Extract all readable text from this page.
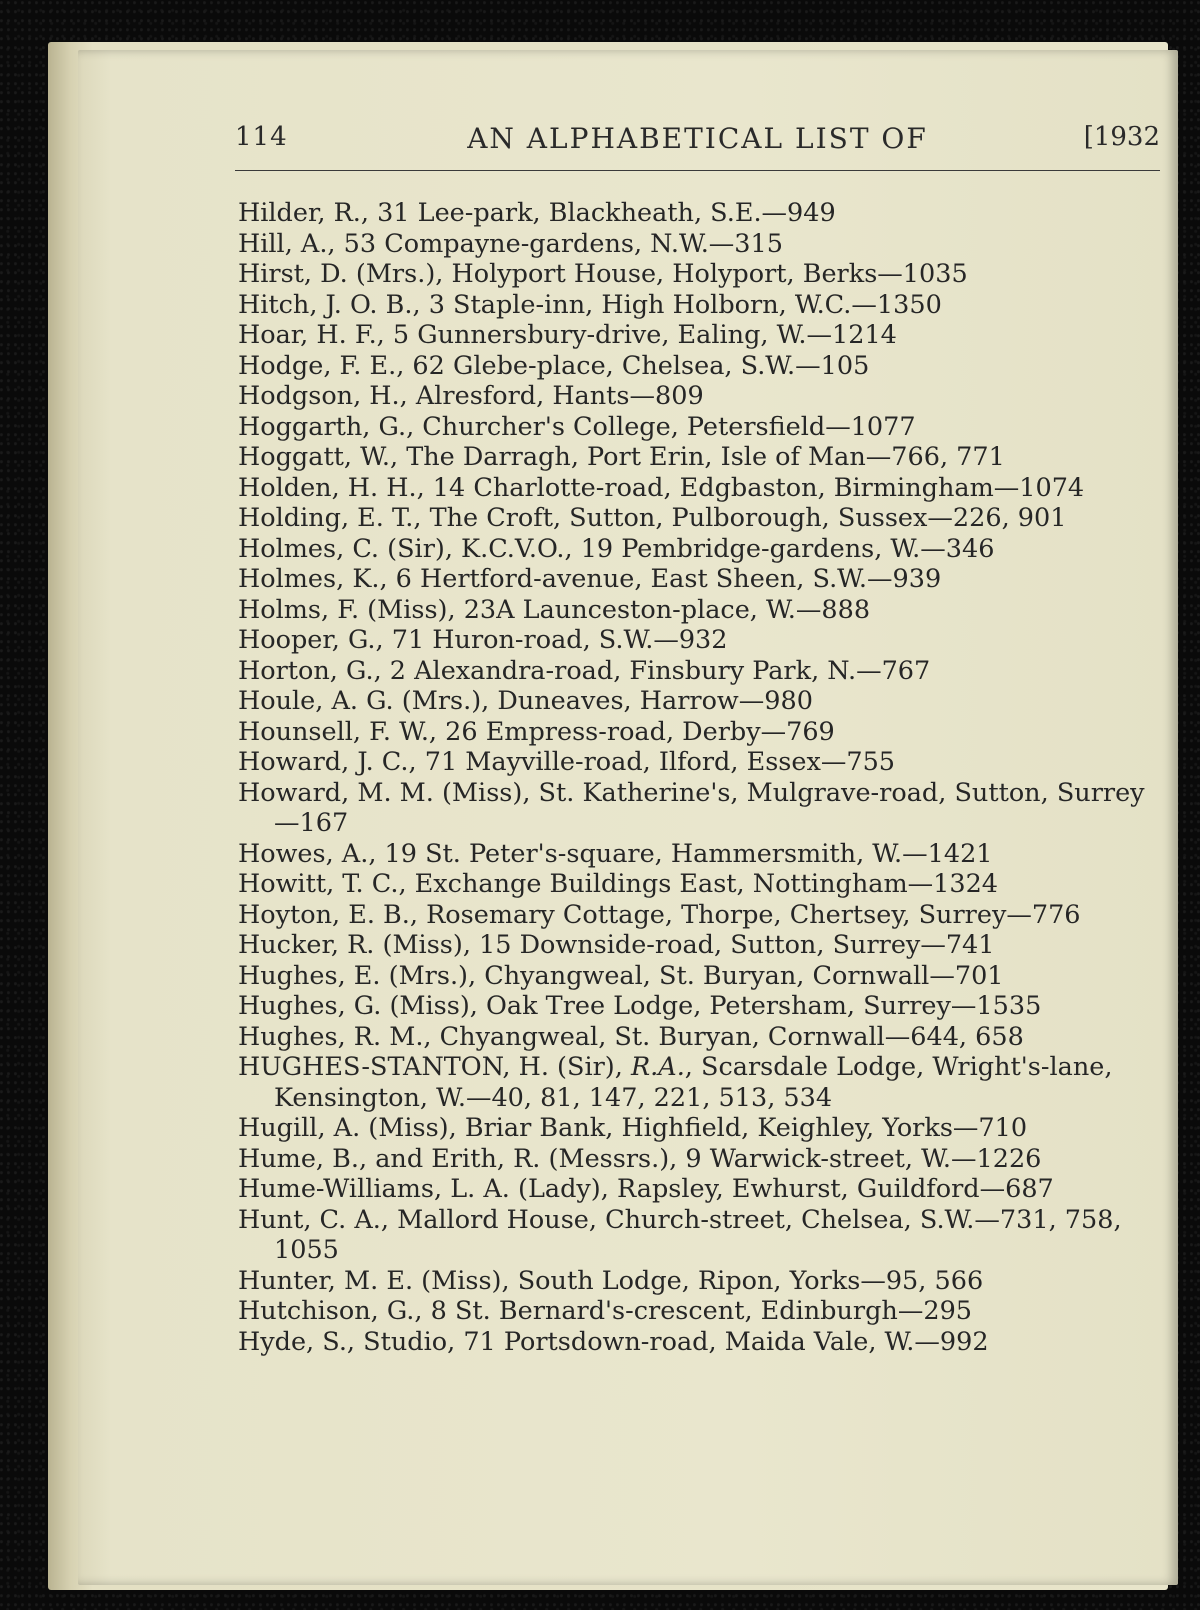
114	AN ALPHABETICAL LIST OF	[1932

Hilder, R., 31 Lee-park, Blackheath, S.E.—949

Hill, A., 53 Compayne-gardens, N.W.—315

Hirst, D. (Mrs.), Holyport House, Holyport, Berks—1035

Hitch, J. O. B., 3 Staple-inn, High Holborn, W.C.—1350

Hoar, H. F., 5 Gunnersbury-drive, Ealing, W.—1214

Hodge, F. E., 62 Glebe-place, Chelsea, S.W.—105

Hodgson, H., Alresford, Hants—809

Hoggarth, G., Churcher's College, Petersfield—1077

Hoggatt, W., The Darragh, Port Erin, Isle of Man—766, 771

Holden, H. H., 14 Charlotte-road, Edgbaston, Birmingham—1074

Holding, E. T., The Croft, Sutton, Pulborough, Sussex—226, 901

Holmes, C. (Sir), K.C.V.O., 19 Pembridge-gardens, W.—346

Holmes, K., 6 Hertford-avenue, East Sheen, S.W.—939

Holms, F. (Miss), 23A Launceston-place, W.—888

Hooper, G., 71 Huron-road, S.W.—932

Horton, G., 2 Alexandra-road, Finsbury Park, N.—767

Houle, A. G. (Mrs.), Duneaves, Harrow—980

Hounsell, F. W., 26 Empress-road, Derby—769

Howard, J. C., 71 Mayville-road, Ilford, Essex—755

Howard, M. M. (Miss), St. Katherine's, Mulgrave-road, Sutton, Surrey—167

Howes, A., 19 St. Peter's-square, Hammersmith, W.—1421

Howitt, T. C., Exchange Buildings East, Nottingham—1324

Hoyton, E. B., Rosemary Cottage, Thorpe, Chertsey, Surrey—776

Hucker, R. (Miss), 15 Downside-road, Sutton, Surrey—741

Hughes, E. (Mrs.), Chyangweal, St. Buryan, Cornwall—701

Hughes, G. (Miss), Oak Tree Lodge, Petersham, Surrey—1535

Hughes, R. M., Chyangweal, St. Buryan, Cornwall—644, 658

HUGHES-STANTON, H. (Sir), R.A., Scarsdale Lodge, Wright's-lane, Kensington, W.—40, 81, 147, 221, 513, 534

Hugill, A. (Miss), Briar Bank, Highfield, Keighley, Yorks—710

Hume, B., and Erith, R. (Messrs.), 9 Warwick-street, W.—1226

Hume-Williams, L. A. (Lady), Rapsley, Ewhurst, Guildford—687

Hunt, C. A., Mallord House, Church-street, Chelsea, S.W.—731, 758, 1055

Hunter, M. E. (Miss), South Lodge, Ripon, Yorks—95, 566

Hutchison, G., 8 St. Bernard's-crescent, Edinburgh—295

Hyde, S., Studio, 71 Portsdown-road, Maida Vale, W.—992
